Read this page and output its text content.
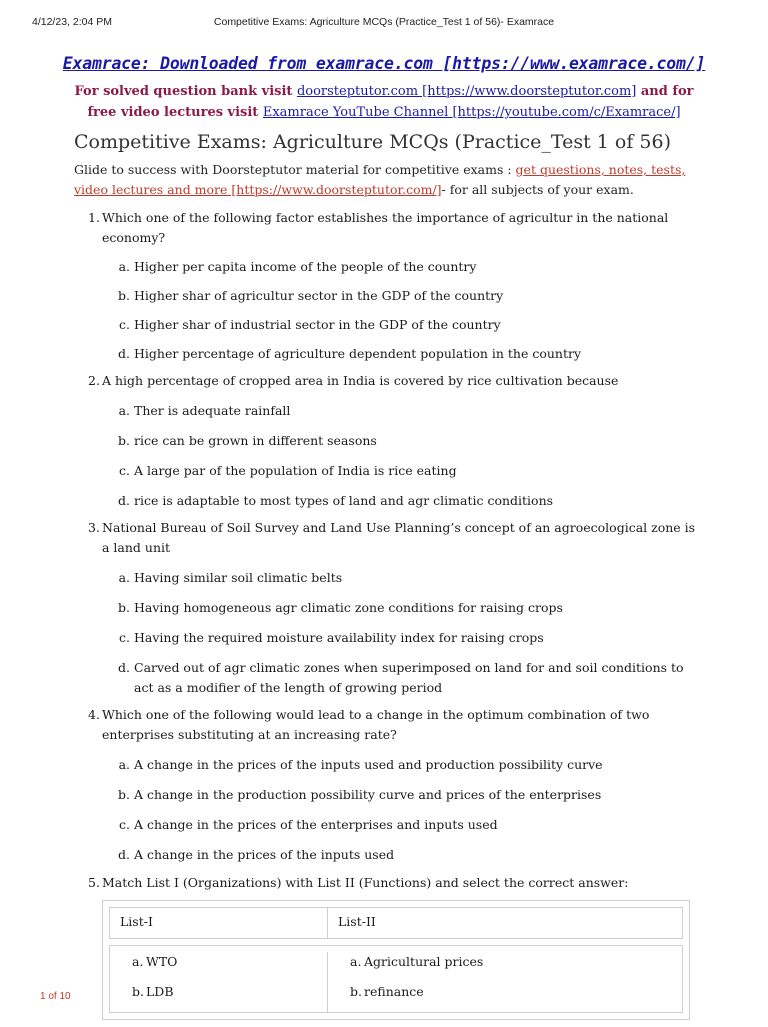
4/12/23, 2:04 PM	Competitive Exams: Agriculture MCQs (Practice_Test 1 of 56)- Examrace
Examrace: Downloaded from examrace.com [https://www.examrace.com/]
For solved question bank visit doorsteptutor.com [https://www.doorsteptutor.com] and for free video lectures visit Examrace YouTube Channel [https://youtube.com/c/Examrace/]
Competitive Exams: Agriculture MCQs (Practice_Test 1 of 56)
Glide to success with Doorsteptutor material for competitive exams : get questions, notes, tests, video lectures and more [https://www.doorsteptutor.com/]- for all subjects of your exam.
1. Which one of the following factor establishes the importance of agricultur in the national economy?
a. Higher per capita income of the people of the country
b. Higher shar of agricultur sector in the GDP of the country
c. Higher shar of industrial sector in the GDP of the country
d. Higher percentage of agriculture dependent population in the country
2. A high percentage of cropped area in India is covered by rice cultivation because
a. Ther is adequate rainfall
b. rice can be grown in different seasons
c. A large par of the population of India is rice eating
d. rice is adaptable to most types of land and agr climatic conditions
3. National Bureau of Soil Survey and Land Use Planning’s concept of an agroecological zone is a land unit
a. Having similar soil climatic belts
b. Having homogeneous agr climatic zone conditions for raising crops
c. Having the required moisture availability index for raising crops
d. Carved out of agr climatic zones when superimposed on land for and soil conditions to act as a modifier of the length of growing period
4. Which one of the following would lead to a change in the optimum combination of two enterprises substituting at an increasing rate?
a. A change in the prices of the inputs used and production possibility curve
b. A change in the production possibility curve and prices of the enterprises
c. A change in the prices of the enterprises and inputs used
d. A change in the prices of the inputs used
5. Match List I (Organizations) with List II (Functions) and select the correct answer:
List-I	List-II
a. WTO
b. LDB
a. Agricultural prices
b. refinance
1 of 10
